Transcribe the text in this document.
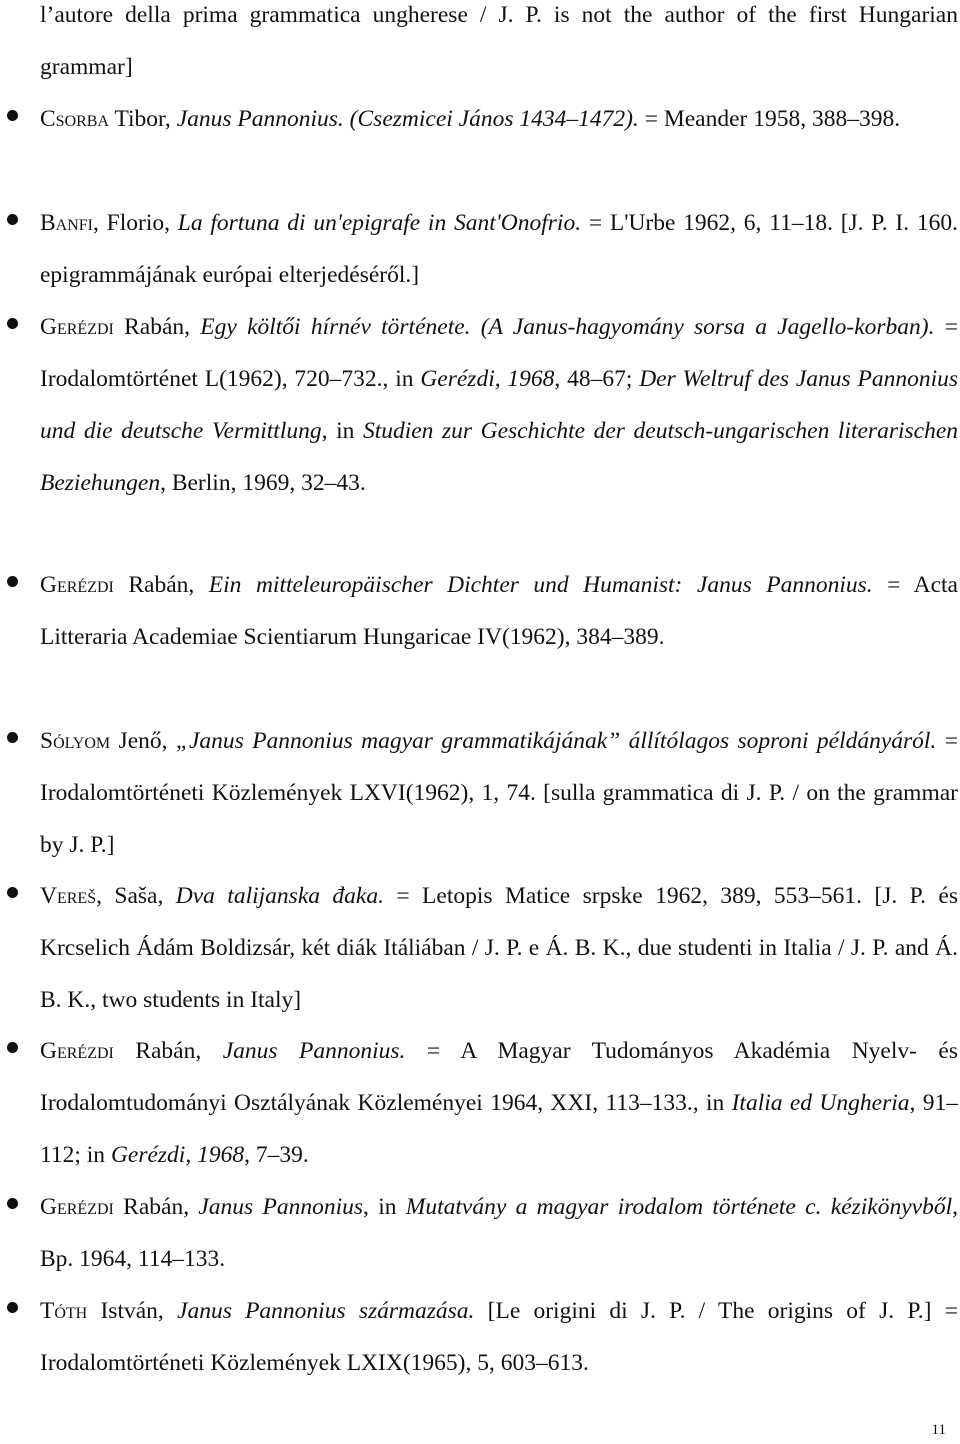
l’autore della prima grammatica ungherese / J. P. is not the author of the first Hungarian grammar]
Csorba Tibor, Janus Pannonius. (Csezmicei János 1434–1472). = Meander 1958, 388–398.
Banfi, Florio, La fortuna di un'epigrafe in Sant'Onofrio. = L'Urbe 1962, 6, 11–18. [J. P. I. 160. epigrammájának európai elterjedéséről.]
Gerézdi Rabán, Egy költői hírnév története. (A Janus-hagyomány sorsa a Jagello-korban). = Irodalomtörténet L(1962), 720–732., in Gerézdi, 1968, 48–67; Der Weltruf des Janus Pannonius und die deutsche Vermittlung, in Studien zur Geschichte der deutsch-ungarischen literarischen Beziehungen, Berlin, 1969, 32–43.
Gerézdi Rabán, Ein mitteleuropäischer Dichter und Humanist: Janus Pannonius. = Acta Litteraria Academiae Scientiarum Hungaricae IV(1962), 384–389.
Sólyom Jenő, „Janus Pannonius magyar grammatikájának” állítólagos soproni példányáról. = Irodalomtörténeti Közlemények LXVI(1962), 1, 74. [sulla grammatica di J. P. / on the grammar by J. P.]
Vereš, Saša, Dva talijanska đaka. = Letopis Matice srpske 1962, 389, 553–561. [J. P. és Krcselich Ádám Boldizsár, két diák Itáliában / J. P. e Á. B. K., due studenti in Italia / J. P. and Á. B. K., two students in Italy]
Gerézdi Rabán, Janus Pannonius. = A Magyar Tudományos Akadémia Nyelv- és Irodalomtudományi Osztályának Közleményei 1964, XXI, 113–133., in Italia ed Ungheria, 91–112; in Gerézdi, 1968, 7–39.
Gerézdi Rabán, Janus Pannonius, in Mutatvány a magyar irodalom története c. kézikönyvből, Bp. 1964, 114–133.
Tóth István, Janus Pannonius származása. [Le origini di J. P. / The origins of J. P.] = Irodalomtörténeti Közlemények LXIX(1965), 5, 603–613.
11
